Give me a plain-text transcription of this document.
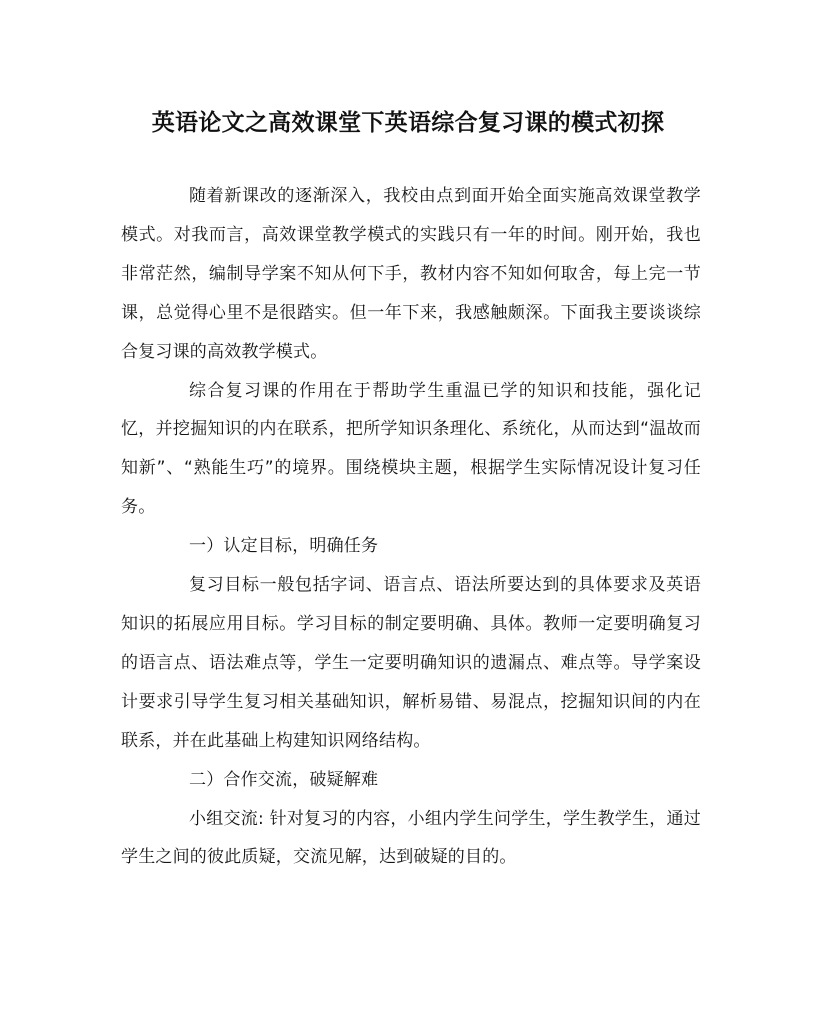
英语论文之高效课堂下英语综合复习课的模式初探

随着新课改的逐渐深入，我校由点到面开始全面实施高效课堂教学模式。对我而言，高效课堂教学模式的实践只有一年的时间。刚开始，我也非常茫然，编制导学案不知从何下手，教材内容不知如何取舍，每上完一节课，总觉得心里不是很踏实。但一年下来，我感触颇深。下面我主要谈谈综合复习课的高效教学模式。

综合复习课的作用在于帮助学生重温已学的知识和技能，强化记忆，并挖掘知识的内在联系，把所学知识条理化、系统化，从而达到“温故而知新”、“熟能生巧”的境界。围绕模块主题，根据学生实际情况设计复习任务。

一）认定目标，明确任务

复习目标一般包括字词、语言点、语法所要达到的具体要求及英语知识的拓展应用目标。学习目标的制定要明确、具体。教师一定要明确复习的语言点、语法难点等，学生一定要明确知识的遗漏点、难点等。导学案设计要求引导学生复习相关基础知识，解析易错、易混点，挖掘知识间的内在联系，并在此基础上构建知识网络结构。

二）合作交流，破疑解难

小组交流: 针对复习的内容，小组内学生问学生，学生教学生，通过学生之间的彼此质疑，交流见解，达到破疑的目的。
